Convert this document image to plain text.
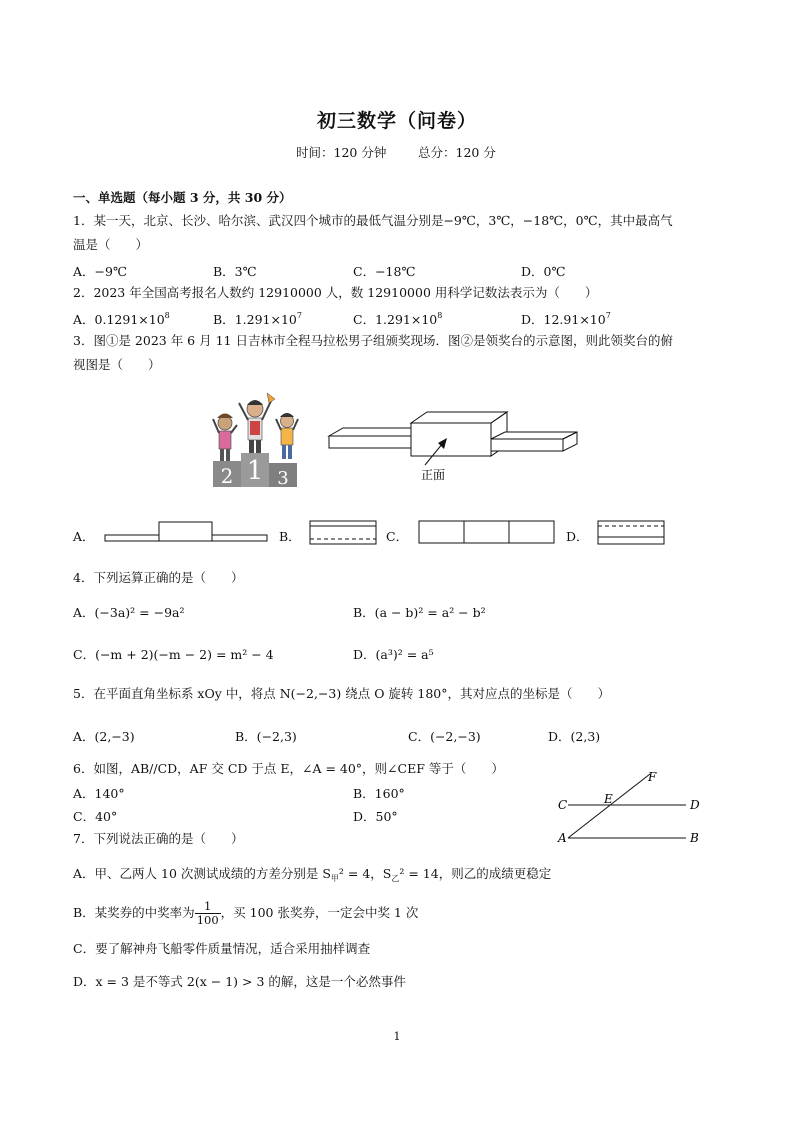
初三数学（问卷）
时间：120 分钟	总分：120 分
一、单选题（每小题 3 分，共 30 分）
1．某一天，北京、长沙、哈尔滨、武汉四个城市的最低气温分别是−9℃，3℃，−18℃，0℃，其中最高气
温是（　　）
A．−9℃	B．3℃	C．−18℃	D．0℃
2．2023 年全国高考报名人数约 12910000 人，数 12910000 用科学记数法表示为（　　）
A．$0.1291\times 10^8$	B．$1.291\times 10^7$	C．$1.291\times 10^8$	D．$12.91\times 10^7$
3．图①是 2023 年 6 月 11 日吉林市全程马拉松男子组颁奖现场．图②是领奖台的示意图，则此领奖台的俯
视图是（　　）
2 1 3	正面
A．	B．	C．	D．
4．下列运算正确的是（　　）
A．(−3a)² = −9a²	B．(a − b)² = a² − b²
C．(−m + 2)(−m − 2) = m² − 4	D．(a³)² = a⁵
5．在平面直角坐标系 xOy 中，将点 N(−2,−3) 绕点 O 旋转 180°，其对应点的坐标是（　　）
A．(2,−3)	B．(−2,3)	C．(−2,−3)	D．(2,3)
6．如图，AB//CD，AF 交 CD 于点 E，∠A = 40°，则∠CEF 等于（　　）
A．140°	B．160°
C．40°	D．50°
F
C	E	D
A	B
7．下列说法正确的是（　　）
A．甲、乙两人 10 次测试成绩的方差分别是 $S_甲^2 = 4$，$S_乙^2 = 14$，则乙的成绩更稳定
B．某奖券的中奖率为 $\frac{1}{100}$ ，买 100 张奖券，一定会中奖 1 次
C．要了解神舟飞船零件质量情况，适合采用抽样调查
D．x = 3 是不等式 2(x − 1) > 3 的解，这是一个必然事件
1
